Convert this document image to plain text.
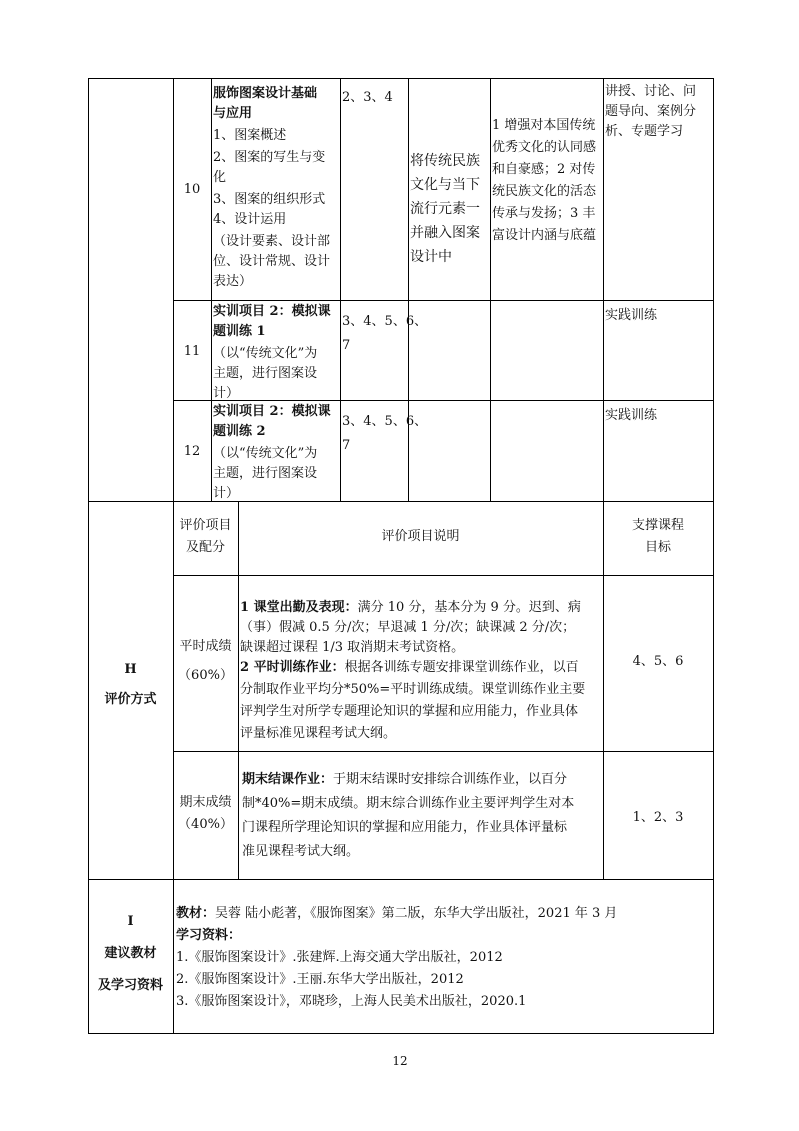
10
服饰图案设计基础
与应用
1、图案概述
2、图案的写生与变
化
3、图案的组织形式
4、设计运用
（设计要素、设计部
位、设计常规、设计
表达）
2、3、4
将传统民族
文化与当下
流行元素一
并融入图案
设计中
1 增强对本国传统
优秀文化的认同感
和自豪感；2 对传
统民族文化的活态
传承与发扬；3 丰
富设计内涵与底蕴
讲授、讨论、问
题导向、案例分
析、专题学习
11
实训项目 2：模拟课
题训练 1
（以“传统文化”为
主题，进行图案设
计）
3、4、5、6、
7
实践训练
12
实训项目 2：模拟课
题训练 2
（以“传统文化”为
主题，进行图案设
计）
3、4、5、6、
7
实践训练
H
评价方式
评价项目
及配分
评价项目说明
支撑课程
目标
平时成绩
（60%）
1 课堂出勤及表现：满分 10 分，基本分为 9 分。迟到、病
（事）假减 0.5 分/次；早退减 1 分/次；缺课减 2 分/次；
缺课超过课程 1/3 取消期末考试资格。
2 平时训练作业：根据各训练专题安排课堂训练作业，以百
分制取作业平均分*50%=平时训练成绩。课堂训练作业主要
评判学生对所学专题理论知识的掌握和应用能力，作业具体
评量标准见课程考试大纲。
4、5、6
期末成绩
（40%）
期末结课作业：于期末结课时安排综合训练作业，以百分
制*40%=期末成绩。期末综合训练作业主要评判学生对本
门课程所学理论知识的掌握和应用能力，作业具体评量标
准见课程考试大纲。
1、2、3
I
建议教材
及学习资料
教材：吴蓉 陆小彪著，《服饰图案》第二版，东华大学出版社，2021 年 3 月
学习资料：
1.《服饰图案设计》.张建辉.上海交通大学出版社，2012
2.《服饰图案设计》.王丽.东华大学出版社，2012
3.《服饰图案设计》，邓晓珍，上海人民美术出版社，2020.1
12
